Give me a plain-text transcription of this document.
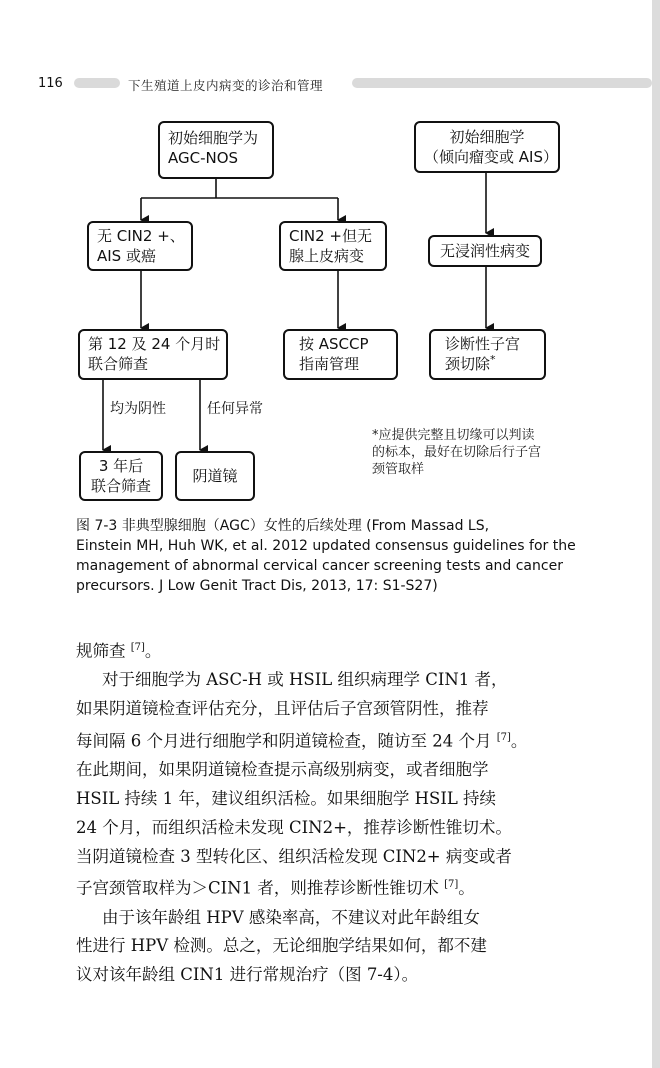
116	下生殖道上皮内病变的诊治和管理
初始细胞学为
AGC-NOS
初始细胞学
（倾向瘤变或 AIS）
无 CIN2 +、
AIS 或癌
CIN2 +但无
腺上皮病变	无浸润性病变
第 12 及 24 个月时
联合筛查
按 ASCCP
指南管理
诊断性子宫
颈切除*
3 年后
联合筛查
阴道镜
均为阴性	任何异常
*应提供完整且切缘可以判读
的标本，最好在切除后行子宫
颈管取样
图 7-3 非典型腺细胞（AGC）女性的后续处理 (From Massad LS,
Einstein MH, Huh WK, et al. 2012 updated consensus guidelines for the
management of abnormal cervical cancer screening tests and cancer
precursors. J Low Genit Tract Dis, 2013, 17: S1-S27)

规筛查 [7]。

对于细胞学为 ASC-H 或 HSIL 组织病理学 CIN1 者，

如果阴道镜检查评估充分，且评估后子宫颈管阴性，推荐

每间隔 6 个月进行细胞学和阴道镜检查，随访至 24 个月 [7]。

在此期间，如果阴道镜检查提示高级别病变，或者细胞学

HSIL 持续 1 年，建议组织活检。如果细胞学 HSIL 持续

24 个月，而组织活检未发现 CIN2+，推荐诊断性锥切术。

当阴道镜检查 3 型转化区、组织活检发现 CIN2+ 病变或者

子宫颈管取样为＞CIN1 者，则推荐诊断性锥切术 [7]。

由于该年龄组 HPV 感染率高，不建议对此年龄组女

性进行 HPV 检测。总之，无论细胞学结果如何，都不建

议对该年龄组 CIN1 进行常规治疗（图 7-4）。
